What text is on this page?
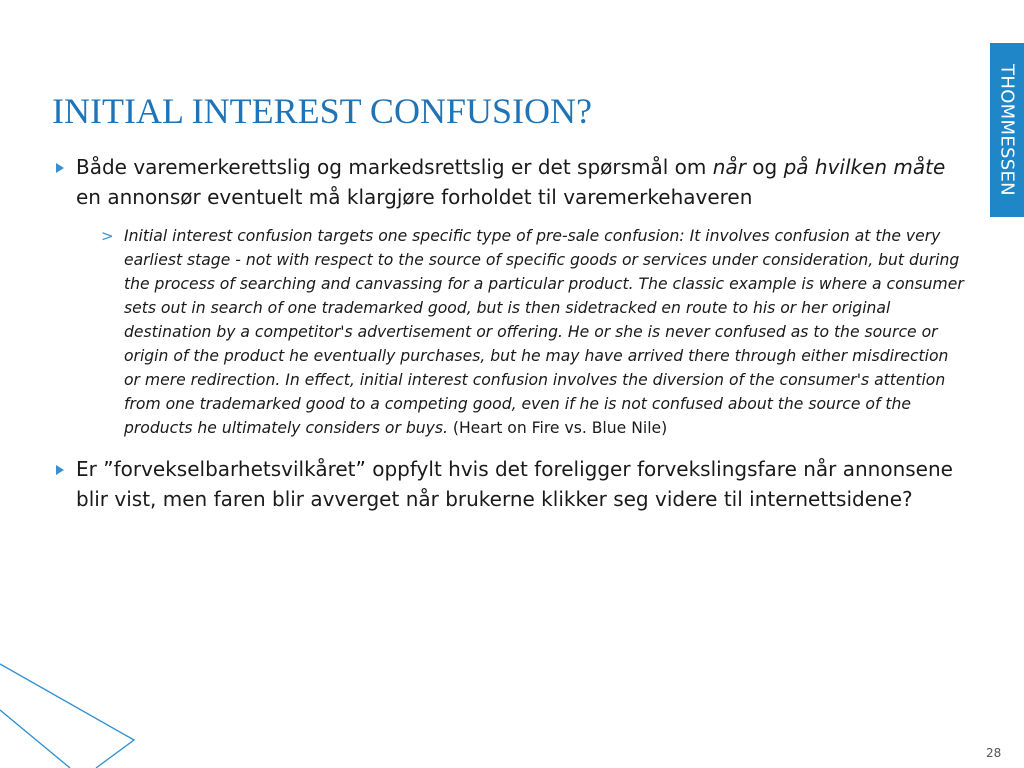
THOMMESSEN
INITIAL INTEREST CONFUSION?
Både varemerkerettslig og markedsrettslig er det spørsmål om når og på hvilken måte en annonsør eventuelt må klargjøre forholdet til varemerkehaveren
> Initial interest confusion targets one specific type of pre-sale confusion: It involves confusion at the very earliest stage - not with respect to the source of specific goods or services under consideration, but during the process of searching and canvassing for a particular product. The classic example is where a consumer sets out in search of one trademarked good, but is then sidetracked en route to his or her original destination by a competitor's advertisement or offering. He or she is never confused as to the source or origin of the product he eventually purchases, but he may have arrived there through either misdirection or mere redirection. In effect, initial interest confusion involves the diversion of the consumer's attention from one trademarked good to a competing good, even if he is not confused about the source of the products he ultimately considers or buys. (Heart on Fire vs. Blue Nile)
Er ”forvekselbarhetsvilkåret” oppfylt hvis det foreligger forvekslingsfare når annonsene blir vist, men faren blir avverget når brukerne klikker seg videre til internettsidene?
28
